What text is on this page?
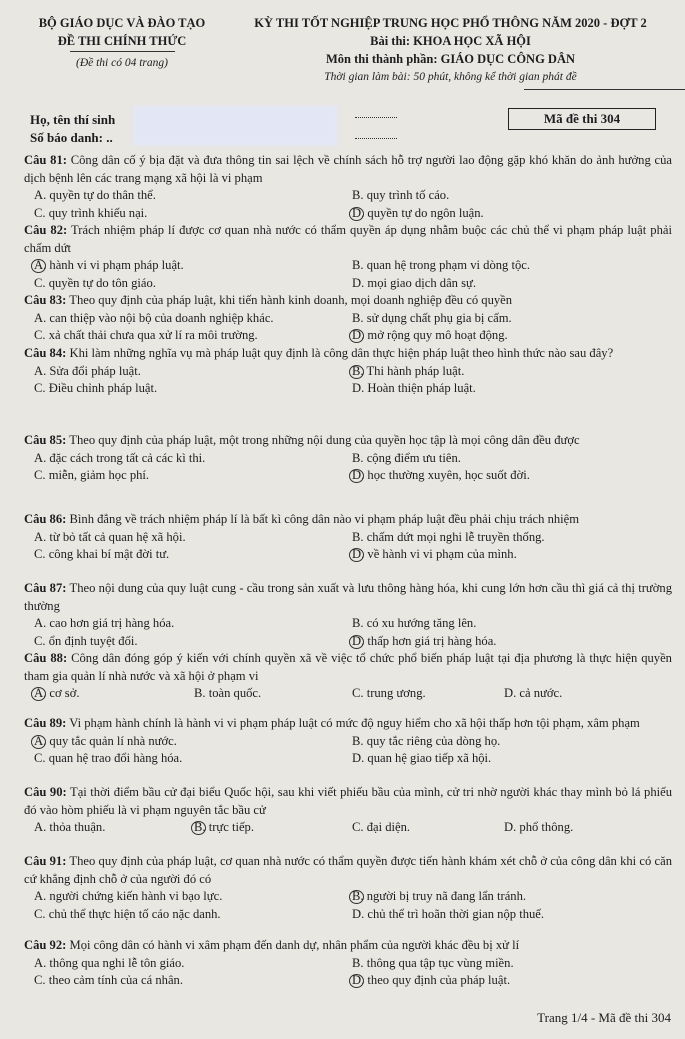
BỘ GIÁO DỤC VÀ ĐÀO TẠO
ĐỀ THI CHÍNH THỨC
(Đề thi có 04 trang)
KỲ THI TỐT NGHIỆP TRUNG HỌC PHỔ THÔNG NĂM 2020 - ĐỢT 2
Bài thi: KHOA HỌC XÃ HỘI
Môn thi thành phần: GIÁO DỤC CÔNG DÂN
Thời gian làm bài: 50 phút, không kể thời gian phát đề
Họ, tên thí sinh
Số báo danh: ..
Mã đề thi 304
Câu 81: Công dân cố ý bịa đặt và đưa thông tin sai lệch về chính sách hỗ trợ người lao động gặp khó khăn do ảnh hưởng của dịch bệnh lên các trang mạng xã hội là vi phạm
A. quyền tự do thân thể.	B. quy trình tố cáo.
C. quy trình khiếu nại.	D. quyền tự do ngôn luận.
Câu 82: Trách nhiệm pháp lí được cơ quan nhà nước có thẩm quyền áp dụng nhằm buộc các chủ thể vi phạm pháp luật phải chấm dứt
A. hành vi vi phạm pháp luật.	B. quan hệ trong phạm vi dòng tộc.
C. quyền tự do tôn giáo.	D. mọi giao dịch dân sự.
Câu 83: Theo quy định của pháp luật, khi tiến hành kinh doanh, mọi doanh nghiệp đều có quyền
A. can thiệp vào nội bộ của doanh nghiệp khác.	B. sử dụng chất phụ gia bị cấm.
C. xả chất thải chưa qua xử lí ra môi trường.	D. mở rộng quy mô hoạt động.
Câu 84: Khi làm những nghĩa vụ mà pháp luật quy định là công dân thực hiện pháp luật theo hình thức nào sau đây?
A. Sửa đổi pháp luật.	B. Thi hành pháp luật.
C. Điều chỉnh pháp luật.	D. Hoàn thiện pháp luật.
Câu 85: Theo quy định của pháp luật, một trong những nội dung của quyền học tập là mọi công dân đều được
A. đặc cách trong tất cả các kì thi.	B. cộng điểm ưu tiên.
C. miễn, giảm học phí.	D. học thường xuyên, học suốt đời.
Câu 86: Bình đẳng về trách nhiệm pháp lí là bất kì công dân nào vi phạm pháp luật đều phải chịu trách nhiệm
A. từ bỏ tất cả quan hệ xã hội.	B. chấm dứt mọi nghi lễ truyền thống.
C. công khai bí mật đời tư.	D. về hành vi vi phạm của mình.
Câu 87: Theo nội dung của quy luật cung - cầu trong sản xuất và lưu thông hàng hóa, khi cung lớn hơn cầu thì giá cả thị trường thường
A. cao hơn giá trị hàng hóa.	B. có xu hướng tăng lên.
C. ổn định tuyệt đối.	D. thấp hơn giá trị hàng hóa.
Câu 88: Công dân đóng góp ý kiến với chính quyền xã về việc tổ chức phổ biến pháp luật tại địa phương là thực hiện quyền tham gia quản lí nhà nước và xã hội ở phạm vi
A. cơ sở.	B. toàn quốc.	C. trung ương.	D. cả nước.
Câu 89: Vi phạm hành chính là hành vi vi phạm pháp luật có mức độ nguy hiểm cho xã hội thấp hơn tội phạm, xâm phạm
A. quy tắc quản lí nhà nước.	B. quy tắc riêng của dòng họ.
C. quan hệ trao đổi hàng hóa.	D. quan hệ giao tiếp xã hội.
Câu 90: Tại thời điểm bầu cử đại biểu Quốc hội, sau khi viết phiếu bầu của mình, cử tri nhờ người khác thay mình bỏ lá phiếu đó vào hòm phiếu là vi phạm nguyên tắc bầu cử
A. thỏa thuận.	B. trực tiếp.	C. đại diện.	D. phổ thông.
Câu 91: Theo quy định của pháp luật, cơ quan nhà nước có thẩm quyền được tiến hành khám xét chỗ ở của công dân khi có căn cứ khẳng định chỗ ở của người đó có
A. người chứng kiến hành vi bạo lực.	B. người bị truy nã đang lẩn tránh.
C. chủ thể thực hiện tố cáo nặc danh.	D. chủ thể trì hoãn thời gian nộp thuế.
Câu 92: Mọi công dân có hành vi xâm phạm đến danh dự, nhân phẩm của người khác đều bị xử lí
A. thông qua nghi lễ tôn giáo.	B. thông qua tập tục vùng miền.
C. theo cảm tính của cá nhân.	D. theo quy định của pháp luật.
Trang 1/4 - Mã đề thi 304
